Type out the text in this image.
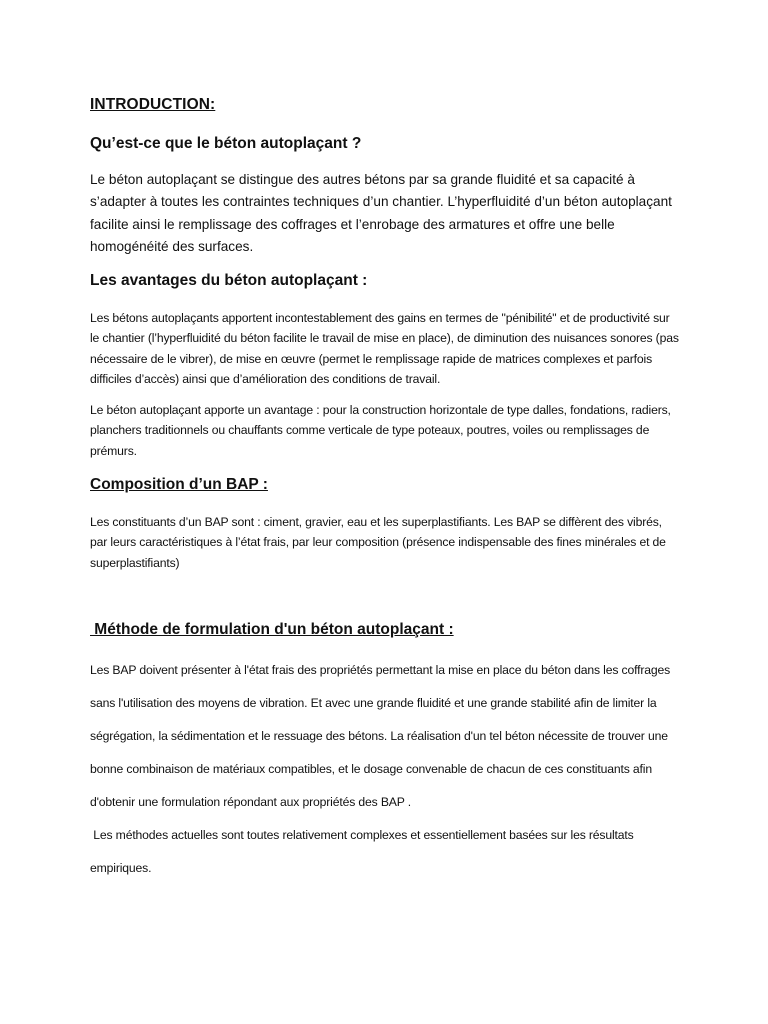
INTRODUCTION:
Qu’est-ce que le béton autoplaçant ?
Le béton autoplaçant se distingue des autres bétons par sa grande fluidité et sa capacité à s’adapter à toutes les contraintes techniques d’un chantier. L’hyperfluidité d’un béton autoplaçant facilite ainsi le remplissage des coffrages et l’enrobage des armatures et offre une belle homogénéité des surfaces.
Les avantages du béton autoplaçant :
Les bétons autoplaçants apportent incontestablement des gains en termes de "pénibilité" et de productivité sur le chantier (l’hyperfluidité du béton facilite le travail de mise en place), de diminution des nuisances sonores (pas nécessaire de le vibrer), de mise en œuvre (permet le remplissage rapide de matrices complexes et parfois difficiles d’accès) ainsi que d’amélioration des conditions de travail.
Le béton autoplaçant apporte un avantage : pour la construction horizontale de type dalles, fondations, radiers, planchers traditionnels ou chauffants comme verticale de type poteaux, poutres, voiles ou remplissages de prémurs.
Composition d’un BAP :
Les constituants d’un BAP sont : ciment, gravier, eau et les superplastifiants. Les BAP se diffèrent des vibrés, par leurs caractéristiques à l’état frais, par leur composition (présence indispensable des fines minérales et de superplastifiants)
Méthode de formulation d'un béton autoplaçant :
Les BAP doivent présenter à l'état frais des propriétés permettant la mise en place du béton dans les coffrages sans l'utilisation des moyens de vibration. Et avec une grande fluidité et une grande stabilité afin de limiter la ségrégation, la sédimentation et le ressuage des bétons. La réalisation d'un tel béton nécessite de trouver une bonne combinaison de matériaux compatibles, et le dosage convenable de chacun de ces constituants afin d'obtenir une formulation répondant aux propriétés des BAP .
Les méthodes actuelles sont toutes relativement complexes et essentiellement basées sur les résultats empiriques.
